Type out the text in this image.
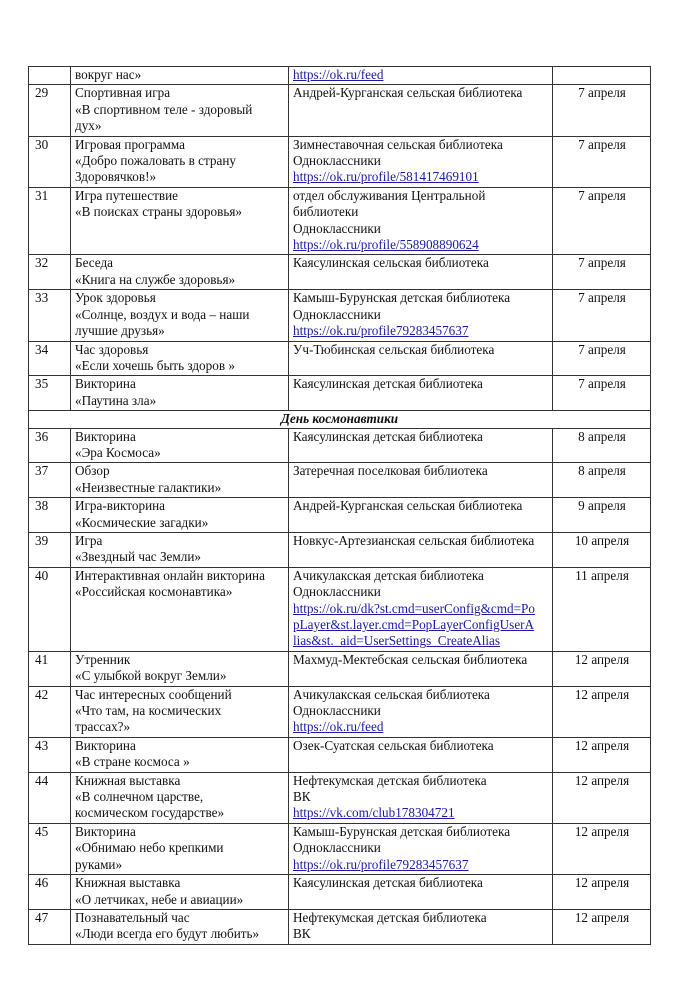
	вокруг нас»	https://ok.ru/feed	

29	Спортивная игра
«В спортивном теле - здоровый
дух»	Андрей-Курганская сельская библиотека	7 апреля
30	Игровая программа
«Добро пожаловать в страну
Здоровячков!»	Зимнеставочная сельская библиотека
Одноклассники
https://ok.ru/profile/581417469101	7 апреля
31	Игра путешествие
«В поисках страны здоровья»	отдел обслуживания Центральной
библиотеки
Одноклассники
https://ok.ru/profile/558908890624	7 апреля
32	Беседа
«Книга на службе здоровья»	Каясулинская сельская библиотека	7 апреля
33	Урок здоровья
«Солнце, воздух и вода – наши
лучшие друзья»	Камыш-Бурунская детская библиотека
Одноклассники
https://ok.ru/profile79283457637	7 апреля
34	Час здоровья
«Если хочешь быть здоров »	Уч-Тюбинская сельская библиотека	7 апреля
35	Викторина
«Паутина зла»	Каясулинская детская библиотека	7 апреля
День космонавтики			
36	Викторина
«Эра Космоса»	Каясулинская детская библиотека	8 апреля
37	Обзор
«Неизвестные галактики»	Затеречная поселковая библиотека	8 апреля
38	Игра-викторина
«Космические загадки»	Андрей-Курганская сельская библиотека	9 апреля
39	Игра
«Звездный час Земли»	Новкус-Артезианская сельская библиотека	10 апреля
40	Интерактивная онлайн викторина
«Российская космонавтика»	Ачикулакская детская библиотека
Одноклассники
https://ok.ru/dk?st.cmd=userConfig&cmd=Po
pLayer&st.layer.cmd=PopLayerConfigUserA
lias&st._aid=UserSettings_CreateAlias	11 апреля
41	Утренник
«С улыбкой вокруг Земли»	Махмуд-Мектебская сельская библиотека	12 апреля
42	Час интересных сообщений
«Что там, на космических
трассах?»	Ачикулакская сельская библиотека
Одноклассники
https://ok.ru/feed	12 апреля
43	Викторина
«В стране космоса »	Озек-Суатская сельская библиотека	12 апреля
44	Книжная выставка
«В солнечном царстве,
космическом государстве»	Нефтекумская детская библиотека
ВК
https://vk.com/club178304721	12 апреля
45	Викторина
«Обнимаю небо крепкими
руками»	Камыш-Бурунская детская библиотека
Одноклассники
https://ok.ru/profile79283457637	12 апреля
46	Книжная выставка
«О летчиках, небе и авиации»	Каясулинская детская библиотека	12 апреля
47	Познавательный час
«Люди всегда его будут любить»	Нефтекумская детская библиотека
ВК	12 апреля
